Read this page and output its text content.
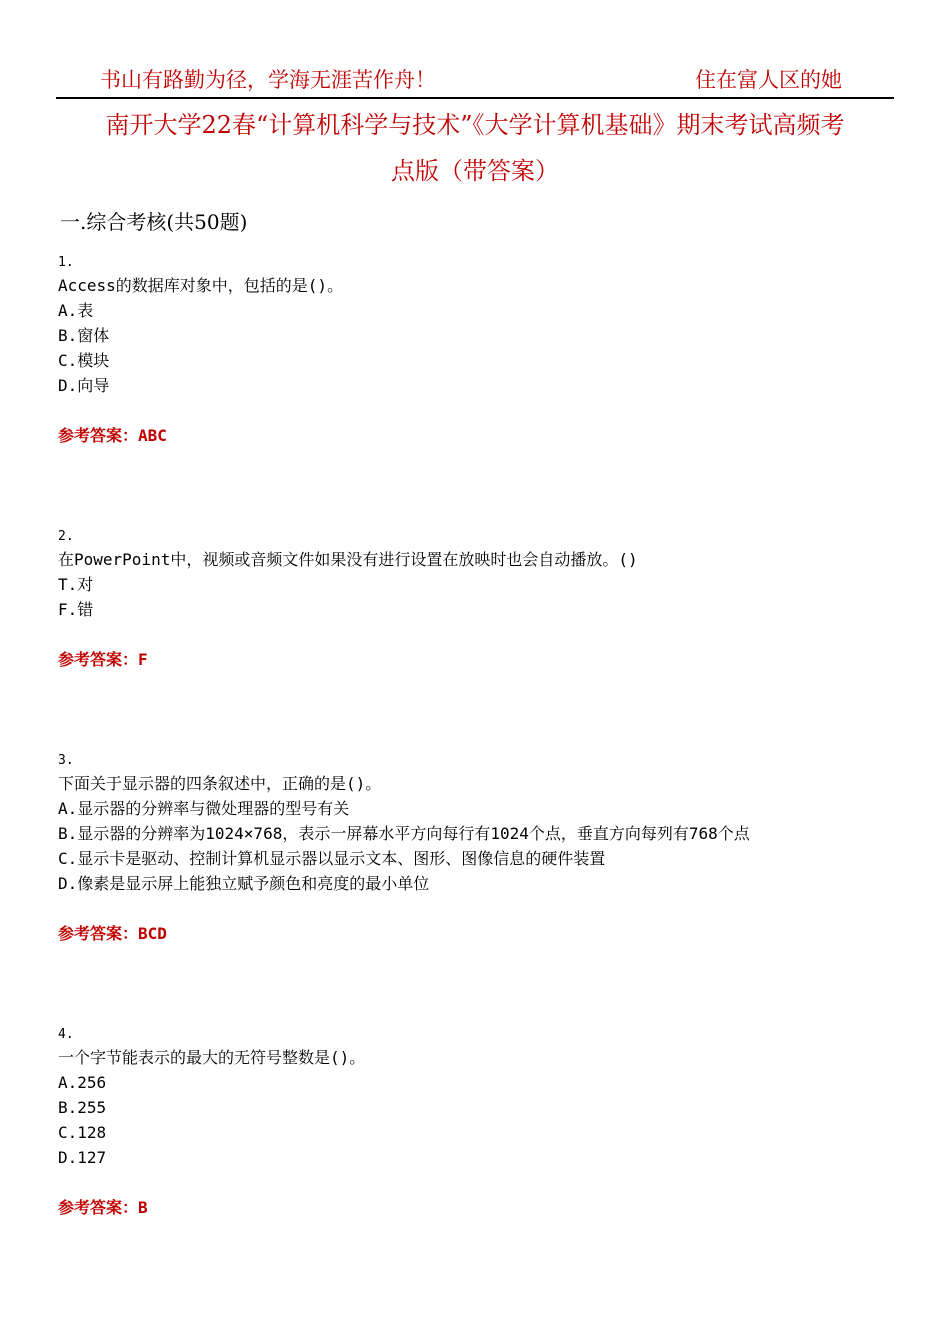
书山有路勤为径，学海无涯苦作舟！	住在富人区的她
南开大学22春“计算机科学与技术”《大学计算机基础》期末考试高频考
点版（带答案）
一.综合考核(共50题)
1.
Access的数据库对象中，包括的是()。
A.表
B.窗体
C.模块
D.向导
参考答案：ABC
2.
在PowerPoint中，视频或音频文件如果没有进行设置在放映时也会自动播放。()
T.对
F.错
参考答案：F
3.
下面关于显示器的四条叙述中，正确的是()。
A.显示器的分辨率与微处理器的型号有关
B.显示器的分辨率为1024×768，表示一屏幕水平方向每行有1024个点，垂直方向每列有768个点
C.显示卡是驱动、控制计算机显示器以显示文本、图形、图像信息的硬件装置
D.像素是显示屏上能独立赋予颜色和亮度的最小单位
参考答案：BCD
4.
一个字节能表示的最大的无符号整数是()。
A.256
B.255
C.128
D.127
参考答案：B
